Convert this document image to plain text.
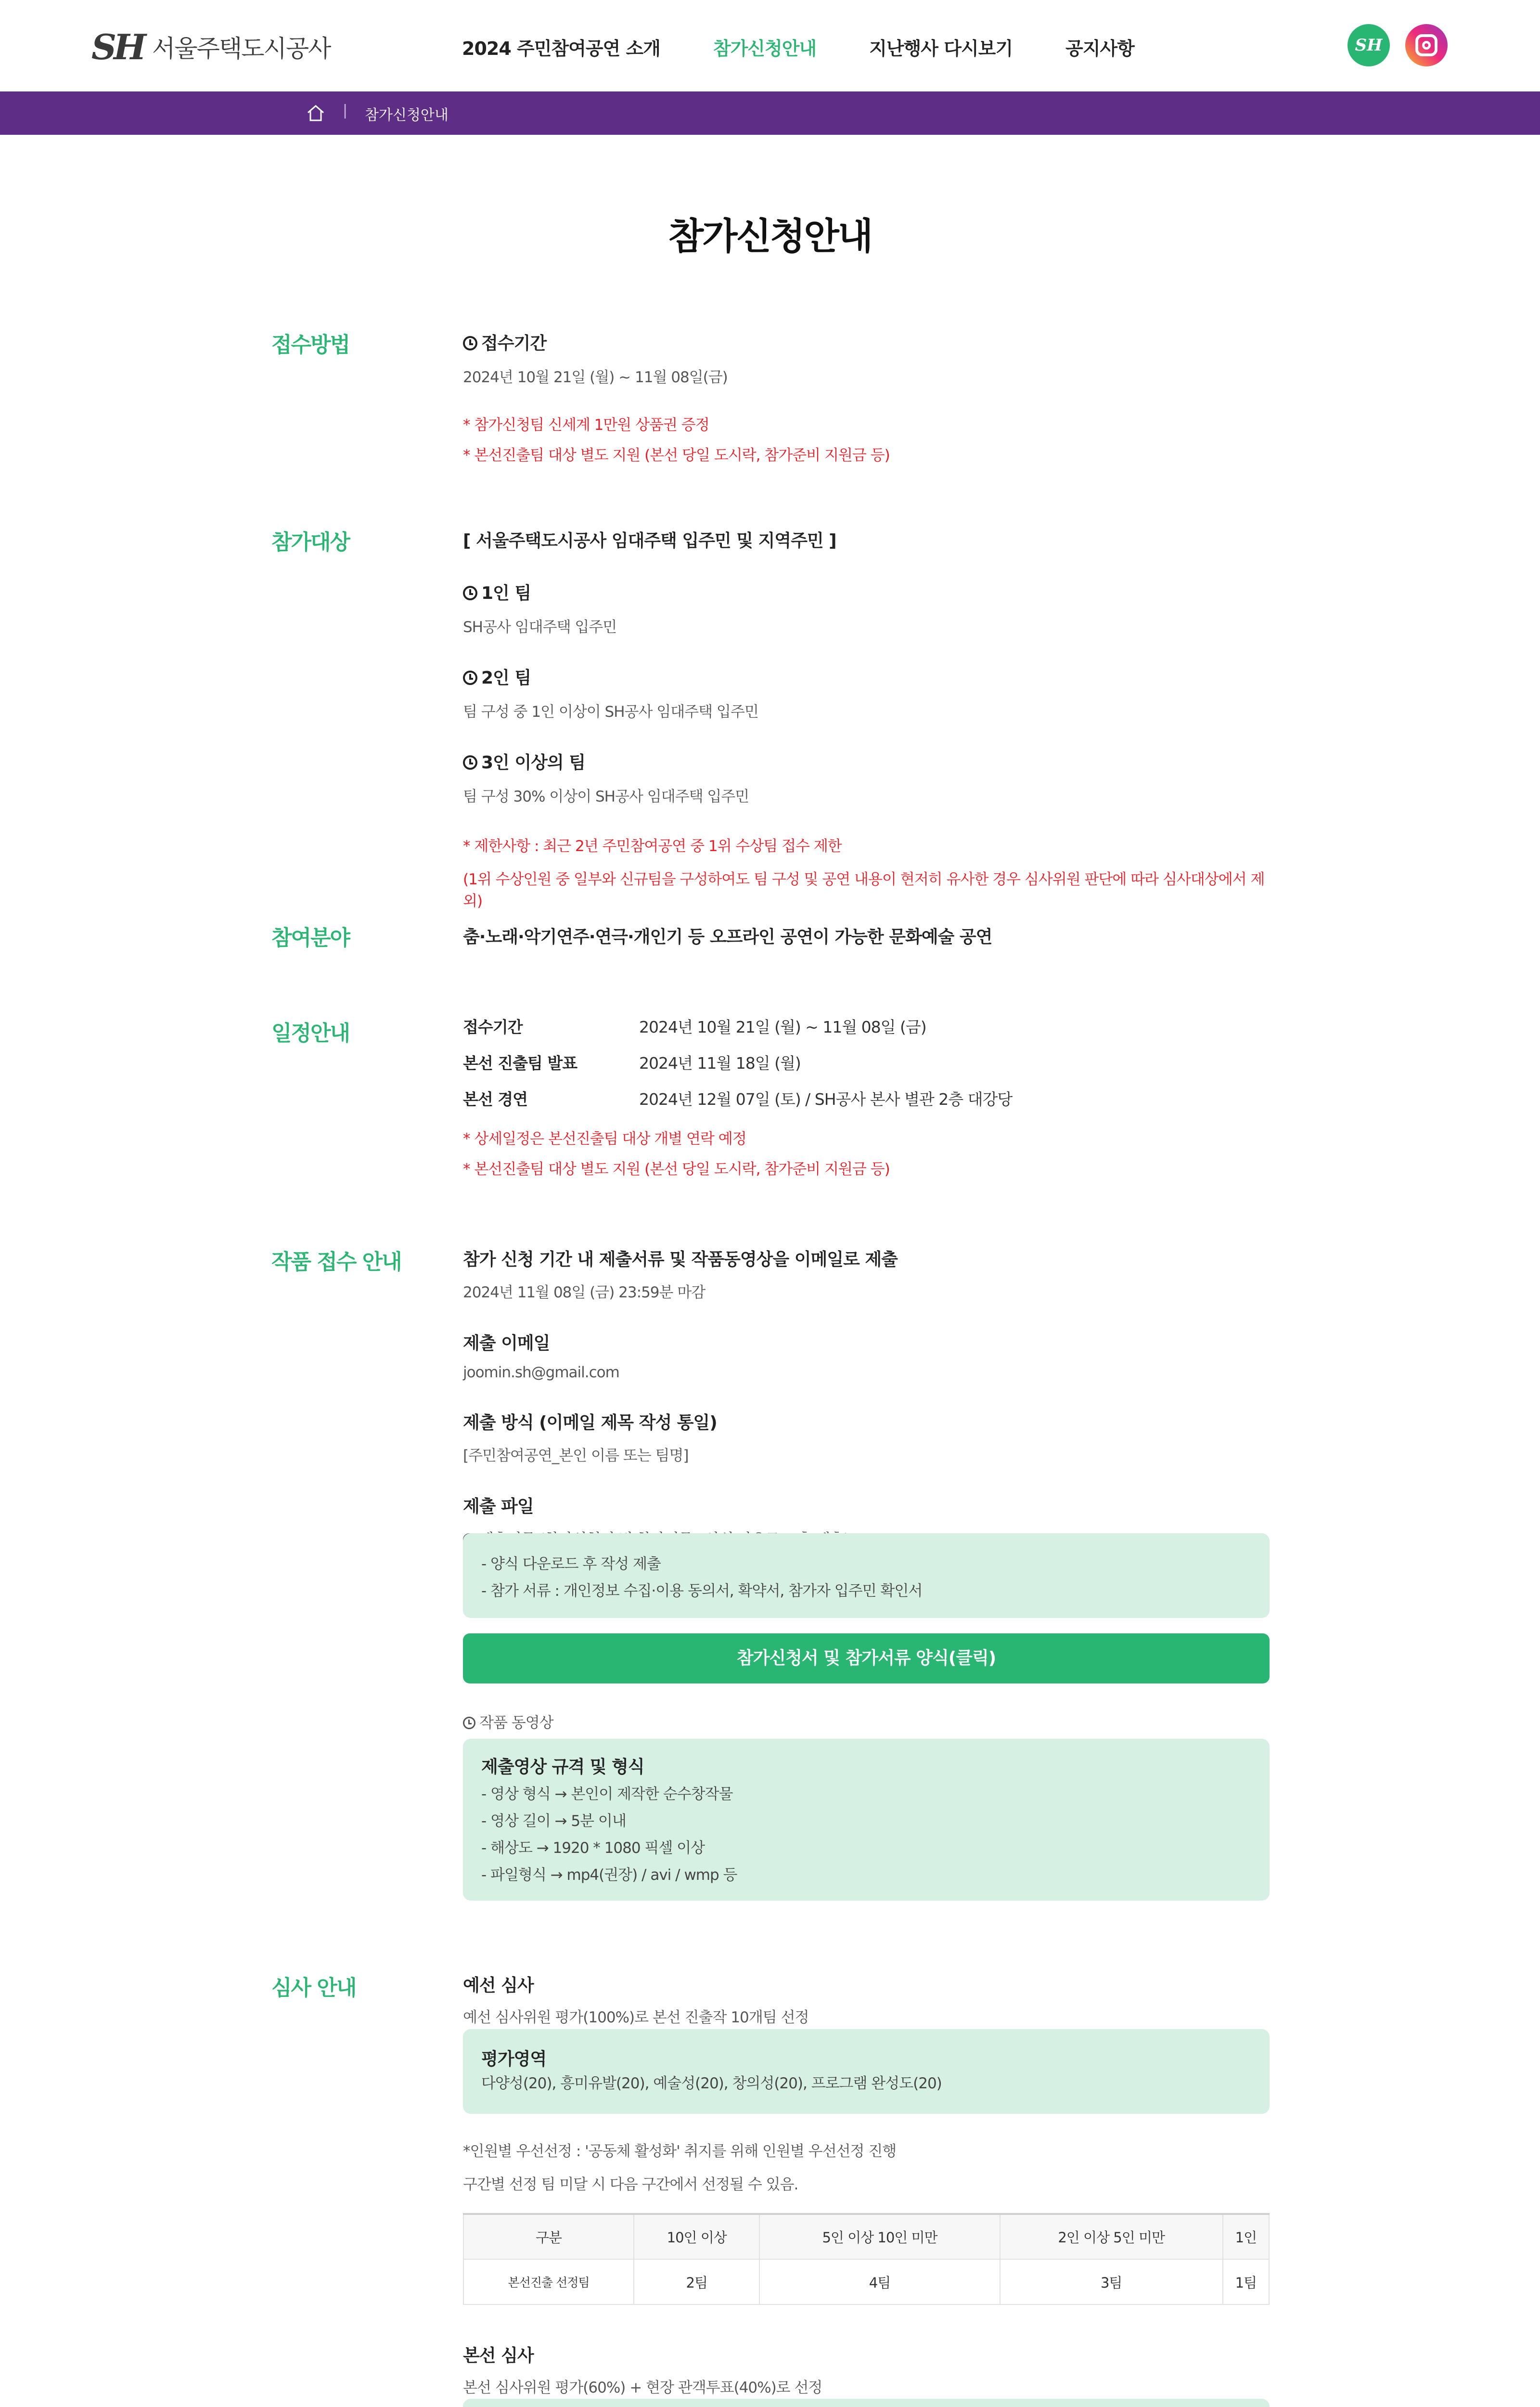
SH 서울주택도시공사	2024 주민참여공연 소개	참가신청안내	지난행사 다시보기	공지사항	SH
| 참가신청안내
참가신청안내
접수방법	접수기간
2024년 10월 21일 (월) ~ 11월 08일(금)
* 참가신청팀 신세계 1만원 상품권 증정
* 본선진출팀 대상 별도 지원 (본선 당일 도시락, 참가준비 지원금 등)
참가대상	[ 서울주택도시공사 임대주택 입주민 및 지역주민 ]
1인 팀
SH공사 임대주택 입주민
2인 팀
팀 구성 중 1인 이상이 SH공사 임대주택 입주민
3인 이상의 팀
팀 구성 30% 이상이 SH공사 임대주택 입주민
* 제한사항 : 최근 2년 주민참여공연 중 1위 수상팀 접수 제한
(1위 수상인원 중 일부와 신규팀을 구성하여도 팀 구성 및 공연 내용이 현저히 유사한 경우 심사위원 판단에 따라 심사대상에서 제외)
참여분야	춤·노래·악기연주·연극·개인기 등 오프라인 공연이 가능한 문화예술 공연
일정안내	접수기간	2024년 10월 21일 (월) ~ 11월 08일 (금)
본선 진출팀 발표	2024년 11월 18일 (월)
본선 경연	2024년 12월 07일 (토) / SH공사 본사 별관 2층 대강당
* 상세일정은 본선진출팀 대상 개별 연락 예정
* 본선진출팀 대상 별도 지원 (본선 당일 도시락, 참가준비 지원금 등)
작품 접수 안내	참가 신청 기간 내 제출서류 및 작품동영상을 이메일로 제출
2024년 11월 08일 (금) 23:59분 마감
제출 이메일
joomin.sh@gmail.com
제출 방식 (이메일 제목 작성 통일)
[주민참여공연_본인 이름 또는 팀명]
제출 파일
- 양식 다운로드 후 작성 제출
- 참가 서류 : 개인정보 수집·이용 동의서, 확약서, 참가자 입주민 확인서
참가신청서 및 참가서류 양식(클릭)
작품 동영상
제출영상 규격 및 형식
- 영상 형식 → 본인이 제작한 순수창작물
- 영상 길이 → 5분 이내
- 해상도 → 1920 * 1080 픽셀 이상
- 파일형식 → mp4(권장) / avi / wmp 등
심사 안내	예선 심사
예선 심사위원 평가(100%)로 본선 진출작 10개팀 선정
평가영역
다양성(20), 흥미유발(20), 예술성(20), 창의성(20), 프로그램 완성도(20)
*인원별 우선선정 : '공동체 활성화' 취지를 위해 인원별 우선선정 진행
구간별 선정 팀 미달 시 다음 구간에서 선정될 수 있음.
구분	10인 이상	5인 이상 10인 미만	2인 이상 5인 미만	1인
본선진출 선정팀	2팀	4팀	3팀	1팀
본선 심사
본선 심사위원 평가(60%) + 현장 관객투표(40%)로 선정
